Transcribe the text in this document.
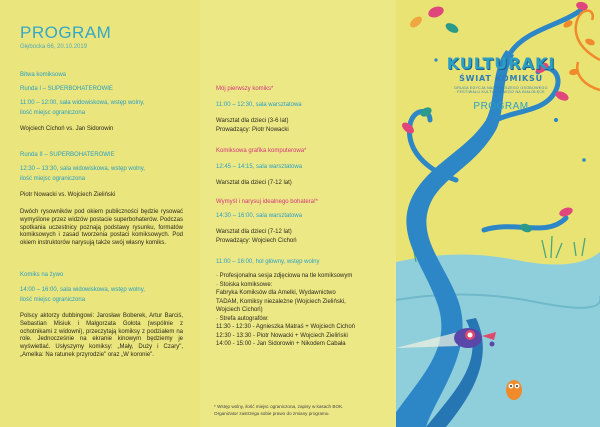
PROGRAM

Głębocka 66, 20.10.2019

Bitwa komiksowa

Runda I – SUPERBOHATEROWIE

11:00 – 12:00, sala widowiskowa, wstęp wolny,

ilość miejsc ograniczona

Wojciech Cichoń vs. Jan Sidorowin

Runda II – SUPERBOHATEROWIE

12:30 – 13:30, sala widowiskowa, wstęp wolny,

ilość miejsc ograniczona

Piotr Nowacki vs. Wojciech Zieliński

Dwóch rysowników pod okiem publiczności będzie rysować wymyślone przez widzów postacie superbohaterów. Podczas spotkania uczestnicy poznają podstawy rysunku, formatów komiksowych i zasad tworzenia postaci komiksowych. Pod okiem instruktorów narysują także swój własny komiks.

Komiks na żywo

14:00 – 16:00, sala widowiskowa, wstęp wolny,

ilość miejsc ograniczona

Polscy aktorzy dubbingowi: Jarosław Boberek, Artur Barciś, Sebastian Misiuk i Małgorzata Gołota (wspólnie z ochotnikami z widowni), przeczytają komiksy z podziałem na role. Jednocześnie na ekranie kinowym będziemy je wyświetlać. Usłyszymy komiksy: „Mały, Duży i Czary", „Amelka: Na ratunek przyrodzie" oraz „W koronie".

Mój pierwszy komiks*

11:00 – 12:30, sala warsztatowa

Warsztat dla dzieci (3-6 lat)

Prowadzący: Piotr Nowacki

Komiksowa grafika komputerowa*

12:45 – 14:15, sala warsztatowa

Warsztat dla dzieci (7-12 lat)

Wymyśl i narysuj idealnego bohatera!*

14:30 – 16:00, sala warsztatowa

Warsztat dla dzieci (7-12 lat)

Prowadzący: Wojciech Cichoń

11:00 – 16:00, hol główny, wstęp wolny

· Profesjonalna sesja zdjęciowa na tle komiksowym
· Stoiska komiksowe:
Fabryka Komiksów dla Amelki, Wydawnictwo
TADAM, Komiksy niezależne (Wojciech Zieliński,
Wojciech Cichoń)
· Strefa autografów:
11:30 - 12:30 - Agnieszka Matraś + Wojciech Cichoń
12:30 - 13:30 - Piotr Nowacki + Wojciech Zieliński
14:00 - 15:00 - Jan Sidorowin + Nikodem Cabała

* Wstęp wolny, ilość miejsc ograniczona, zapisy w kasach BOK.

Organizator zastrzega sobie prawo do zmiany programu.

KULTURAKI
ŚWIAT KOMIKSU
DRUGA EDYCJA NAJWIĘKSZEGO OSOBOWEGO
FESTIWALU KULTURALNEGO NA BIAŁOŁĘCE
PROGRAM
